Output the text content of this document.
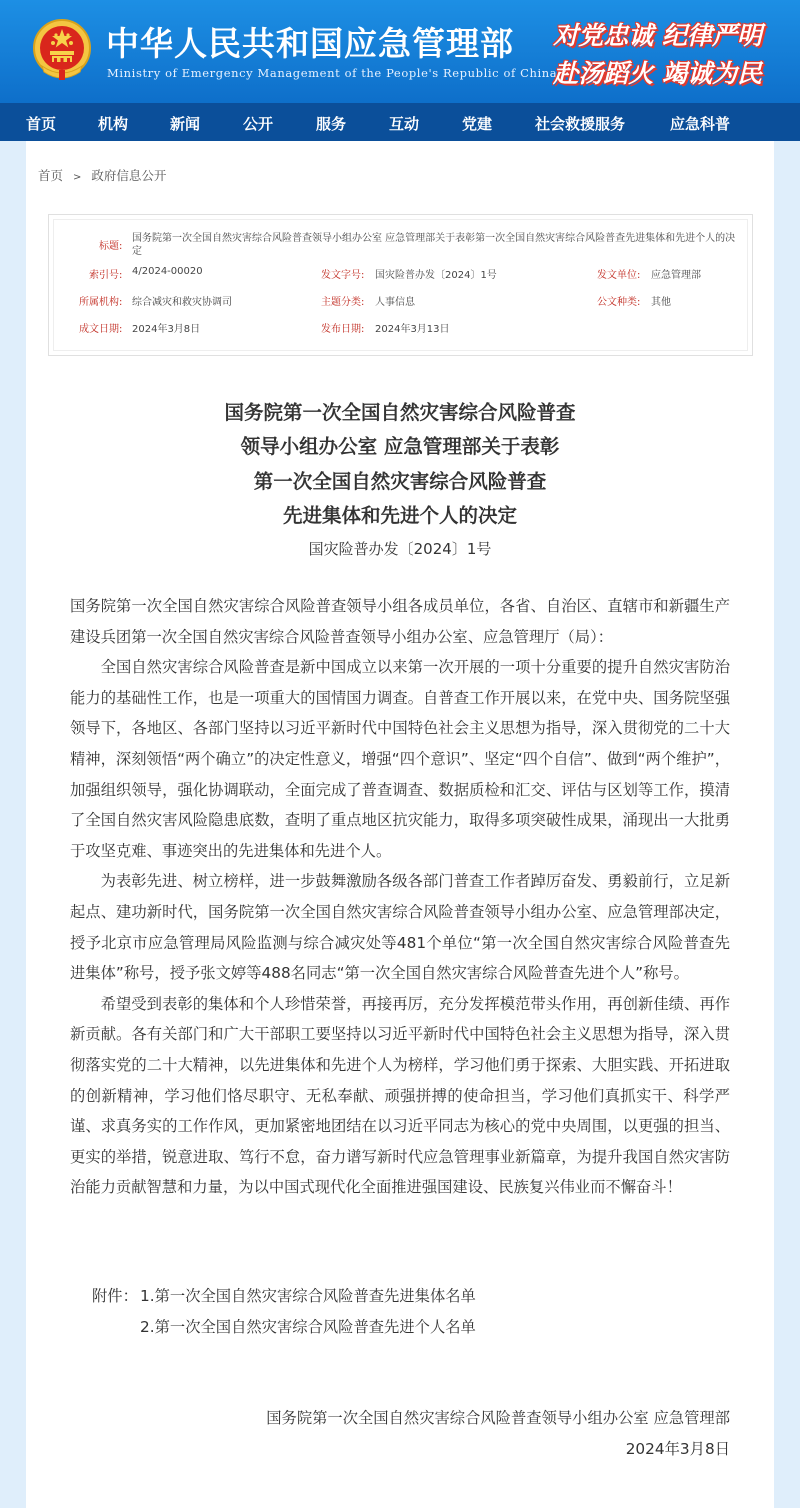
中华人民共和国应急管理部
Ministry of Emergency Management of the People's Republic of China
对党忠诚 纪律严明
赴汤蹈火 竭诚为民
首页	机构	新闻	公开	服务	互动	党建	社会救援服务	应急科普
首页 > 政府信息公开
标题:
国务院第一次全国自然灾害综合风险普查领导小组办公室 应急管理部关于表彰第一次全国自然灾害综合风险普查先进集体和先进个人的决定
索引号: 4/2024-00020	发文字号: 国灾险普办发〔2024〕1号	发文单位: 应急管理部
所属机构: 综合减灾和救灾协调司	主题分类: 人事信息	公文种类: 其他
成文日期: 2024年3月8日	发布日期: 2024年3月13日
国务院第一次全国自然灾害综合风险普查
领导小组办公室 应急管理部关于表彰
第一次全国自然灾害综合风险普查
先进集体和先进个人的决定
国灾险普办发〔2024〕1号

国务院第一次全国自然灾害综合风险普查领导小组各成员单位，各省、自治区、直辖市和新疆生产建设兵团第一次全国自然灾害综合风险普查领导小组办公室、应急管理厅（局）：

全国自然灾害综合风险普查是新中国成立以来第一次开展的一项十分重要的提升自然灾害防治能力的基础性工作，也是一项重大的国情国力调查。自普查工作开展以来，在党中央、国务院坚强领导下，各地区、各部门坚持以习近平新时代中国特色社会主义思想为指导，深入贯彻党的二十大精神，深刻领悟“两个确立”的决定性意义，增强“四个意识”、坚定“四个自信”、做到“两个维护”，加强组织领导，强化协调联动，全面完成了普查调查、数据质检和汇交、评估与区划等工作，摸清了全国自然灾害风险隐患底数，查明了重点地区抗灾能力，取得多项突破性成果，涌现出一大批勇于攻坚克难、事迹突出的先进集体和先进个人。

为表彰先进、树立榜样，进一步鼓舞激励各级各部门普查工作者踔厉奋发、勇毅前行，立足新起点、建功新时代，国务院第一次全国自然灾害综合风险普查领导小组办公室、应急管理部决定，授予北京市应急管理局风险监测与综合减灾处等481个单位“第一次全国自然灾害综合风险普查先进集体”称号，授予张文婷等488名同志“第一次全国自然灾害综合风险普查先进个人”称号。

希望受到表彰的集体和个人珍惜荣誉，再接再厉，充分发挥模范带头作用，再创新佳绩、再作新贡献。各有关部门和广大干部职工要坚持以习近平新时代中国特色社会主义思想为指导，深入贯彻落实党的二十大精神，以先进集体和先进个人为榜样，学习他们勇于探索、大胆实践、开拓进取的创新精神，学习他们恪尽职守、无私奉献、顽强拼搏的使命担当，学习他们真抓实干、科学严谨、求真务实的工作作风，更加紧密地团结在以习近平同志为核心的党中央周围，以更强的担当、更实的举措，锐意进取、笃行不怠，奋力谱写新时代应急管理事业新篇章，为提升我国自然灾害防治能力贡献智慧和力量，为以中国式现代化全面推进强国建设、民族复兴伟业而不懈奋斗！

附件： 1.第一次全国自然灾害综合风险普查先进集体名单
2.第一次全国自然灾害综合风险普查先进个人名单
国务院第一次全国自然灾害综合风险普查领导小组办公室 应急管理部
2024年3月8日
